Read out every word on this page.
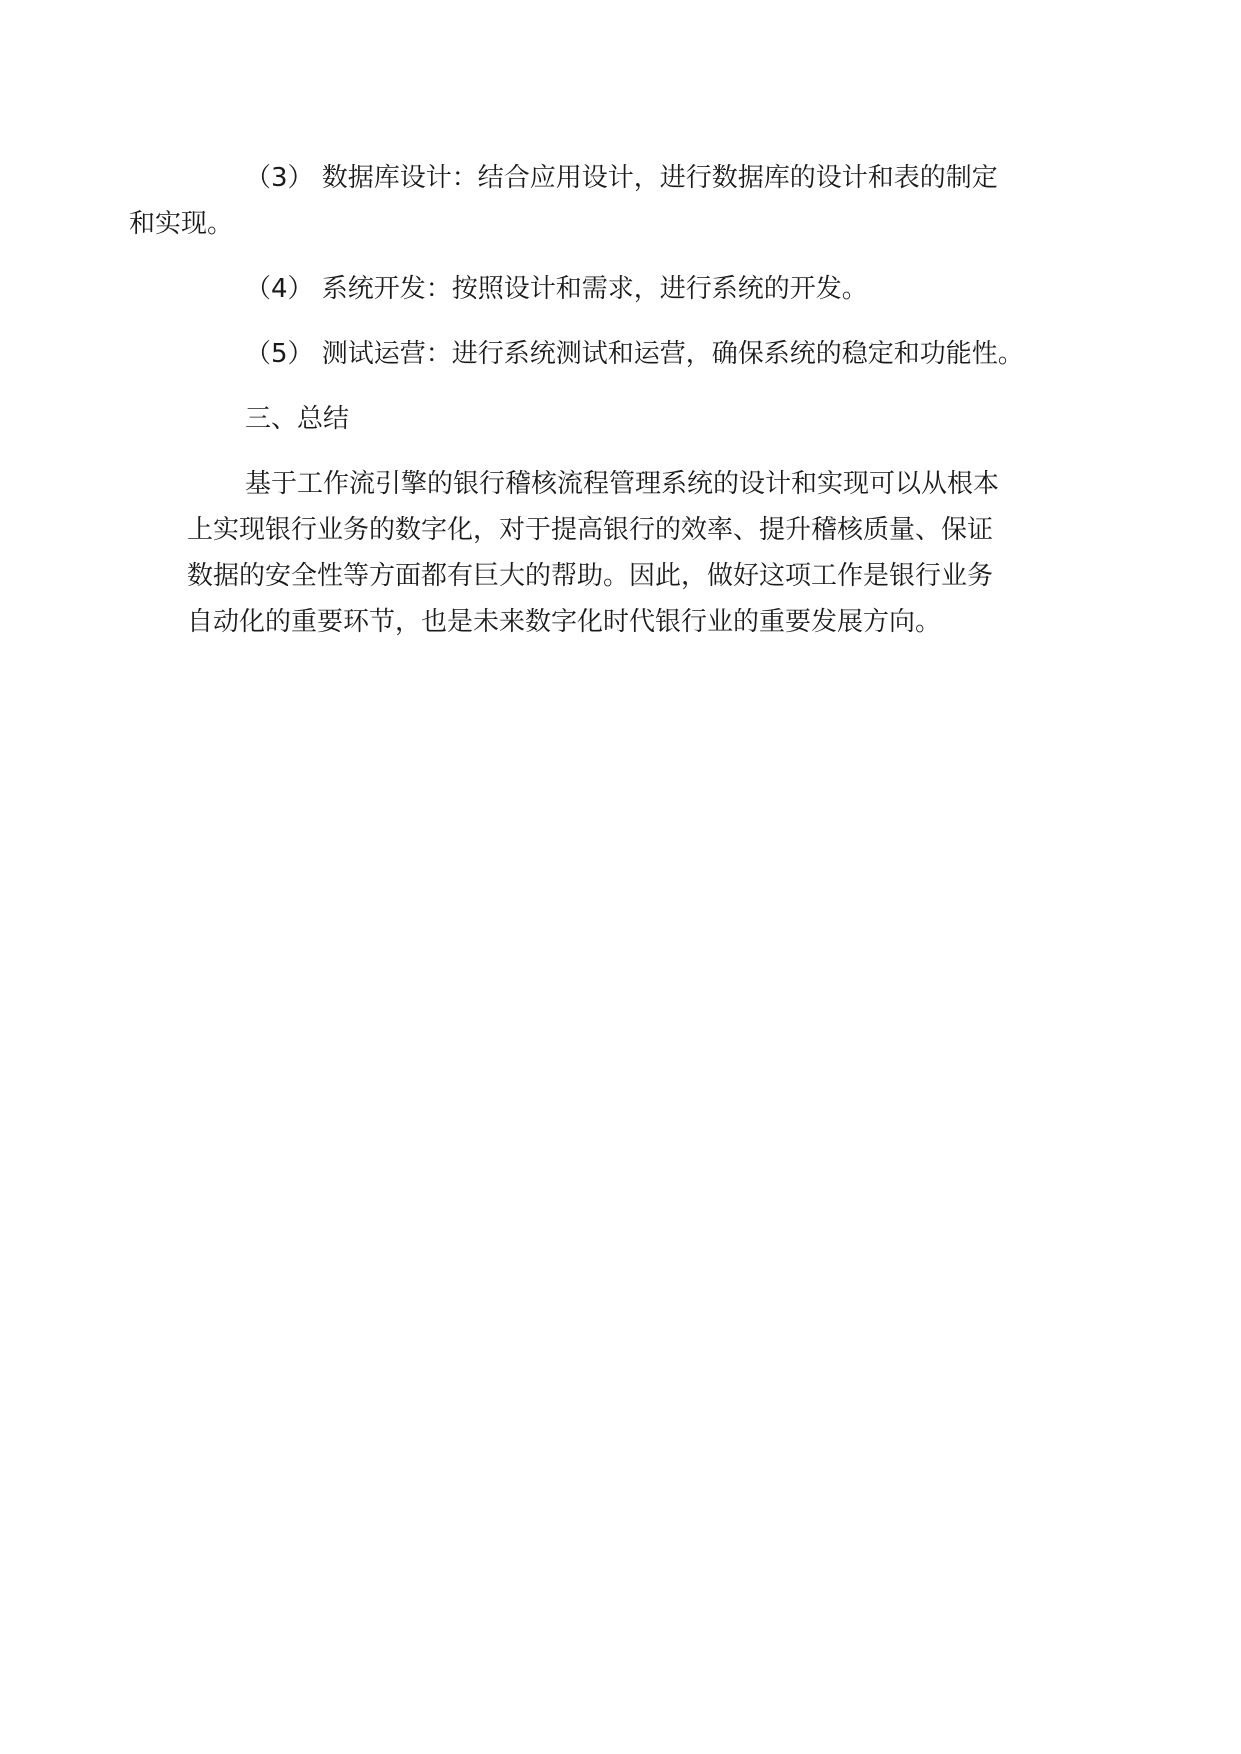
（3） 数据库设计：结合应用设计，进行数据库的设计和表的制定
和实现。

（4） 系统开发：按照设计和需求，进行系统的开发。

（5） 测试运营：进行系统测试和运营，确保系统的稳定和功能性。

三、总结

基于工作流引擎的银行稽核流程管理系统的设计和实现可以从根本
上实现银行业务的数字化，对于提高银行的效率、提升稽核质量、保证
数据的安全性等方面都有巨大的帮助。因此，做好这项工作是银行业务
自动化的重要环节，也是未来数字化时代银行业的重要发展方向。
